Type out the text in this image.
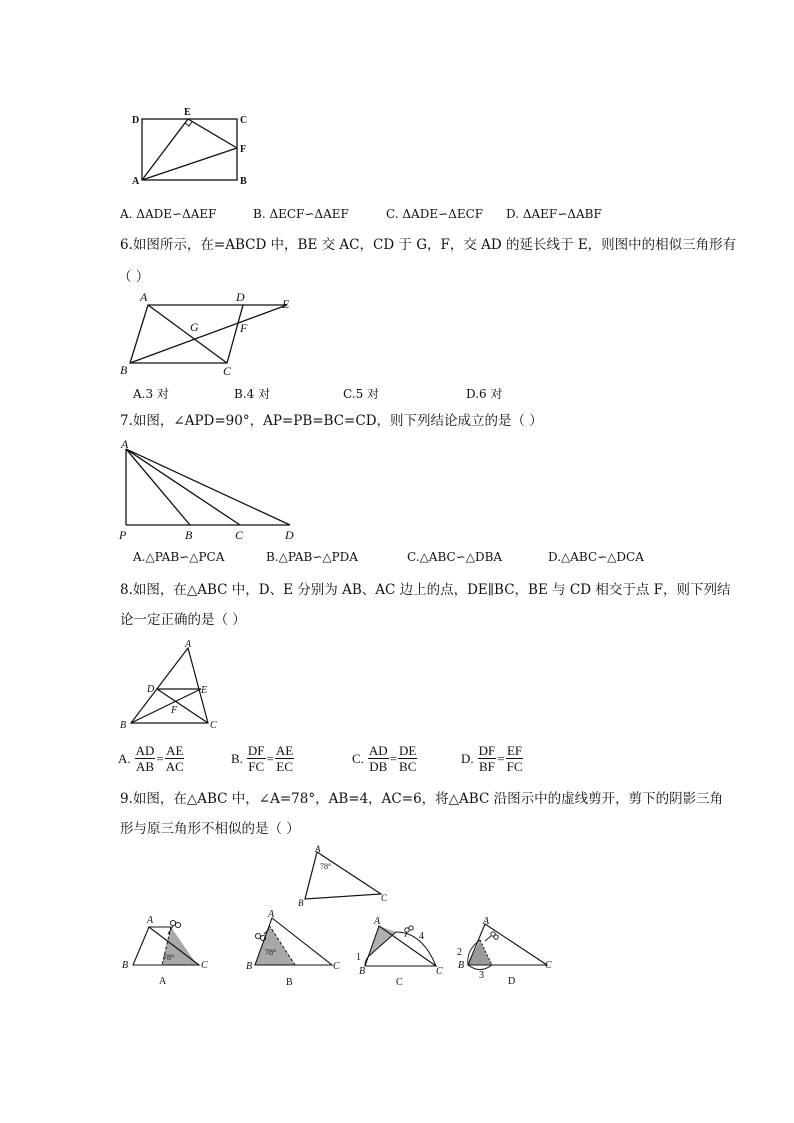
D
E
C
F
A	B
A. ΔADE∽ΔAEF	B. ΔECF∽ΔAEF	C. ΔADE∽ΔECF D. ΔAEF∽ΔABF
6.如图所示，在=ABCD 中，BE 交 AC，CD 于 G，F，交 AD 的延长线于 E，则图中的相似三角形有
（ ）
A	D	E
G	F
B	C
A.3 对	B.4 对	C.5 对	D.6 对
7.如图，∠APD=90°，AP=PB=BC=CD，则下列结论成立的是（ ）
A
P	B	C	D
A.△PAB∽△PCA	B.△PAB∽△PDA	C.△ABC∽△DBA	D.△ABC∽△DCA
8.如图，在△ABC 中，D、E 分别为 AB、AC 边上的点，DE∥BC，BE 与 CD 相交于点 F，则下列结
论一定正确的是（ ）
A
D	E
F
B	C
A. $\frac{AD}{AB} = \frac{AE}{AC}$	B. $\frac{DF}{FC} = \frac{AE}{EC}$	C. $\frac{AD}{DB} = \frac{DE}{BC}$	D. $\frac{DF}{BF} = \frac{EF}{FC}$
9.如图，在△ABC 中，∠A=78°，AB=4，AC=6，将△ABC 沿图示中的虚线剪开，剪下的阴影三角
形与原三角形不相似的是（ ）
A
B	C
78°
A
B	C
78°
A
A
B	C
78°
B
A
B	C
1
4
C
A
B	C
2
3
D
